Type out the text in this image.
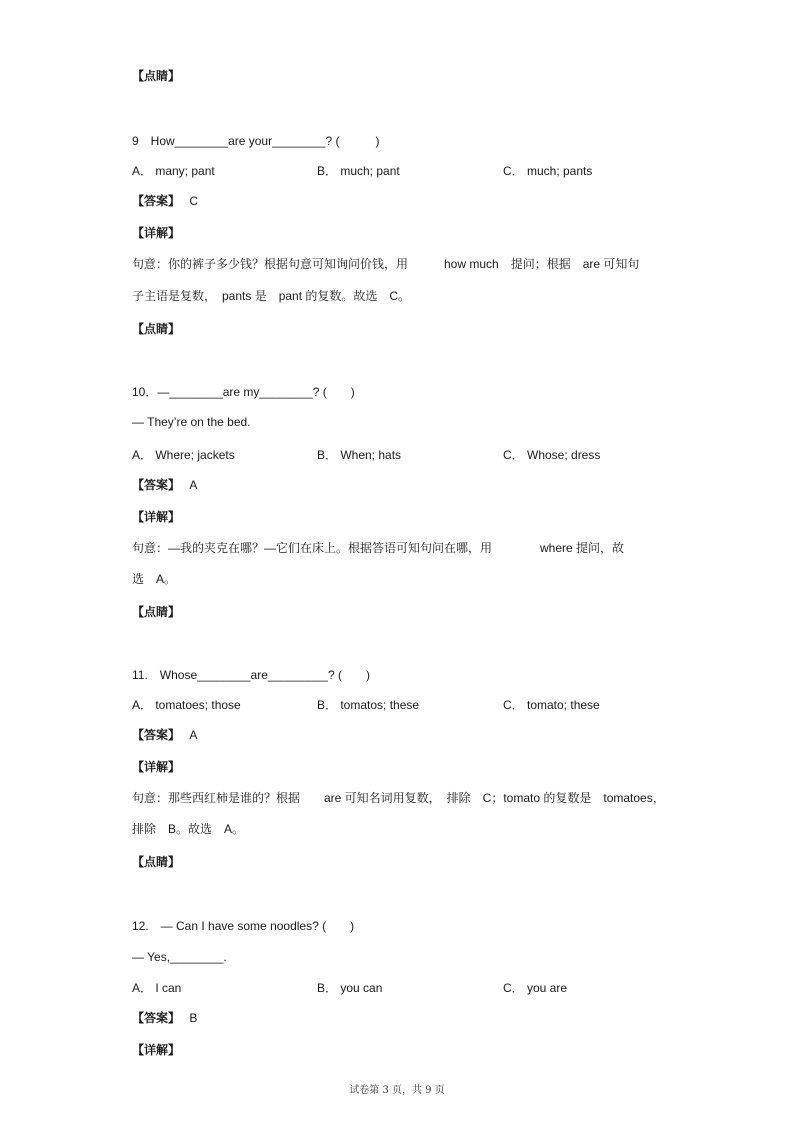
【点睛】
9　How________are your________? (　　　)
A． many; pant	B． much; pant	C． much; pants
【答案】 C
【详解】
句意：你的裤子多少钱？根据句意可知询问价钱，用　　　how much　提问；根据　are 可知句
子主语是复数，　pants 是　pant 的复数。故选　C。
【点睛】
10．—________are my________? (　　)
— They’re on the bed.
A． Where; jackets	B． When; hats	C． Whose; dress
【答案】 A
【详解】
句意：—我的夹克在哪？—它们在床上。根据答语可知句问在哪，用　　　　where 提问，故
选　A。
【点睛】
11.　Whose________are_________? (　　)
A． tomatoes; those	B． tomatos; these	C． tomato; these
【答案】 A
【详解】
句意：那些西红柿是谁的？根据　　are 可知名词用复数，　排除　C；tomato 的复数是　tomatoes，
排除　B。故选　A。
【点睛】
12.　— Can I have some noodles? (　　)
— Yes,________.
A． I can	B． you can	C． you are
【答案】 B
【详解】
试卷第 3 页，共 9 页
